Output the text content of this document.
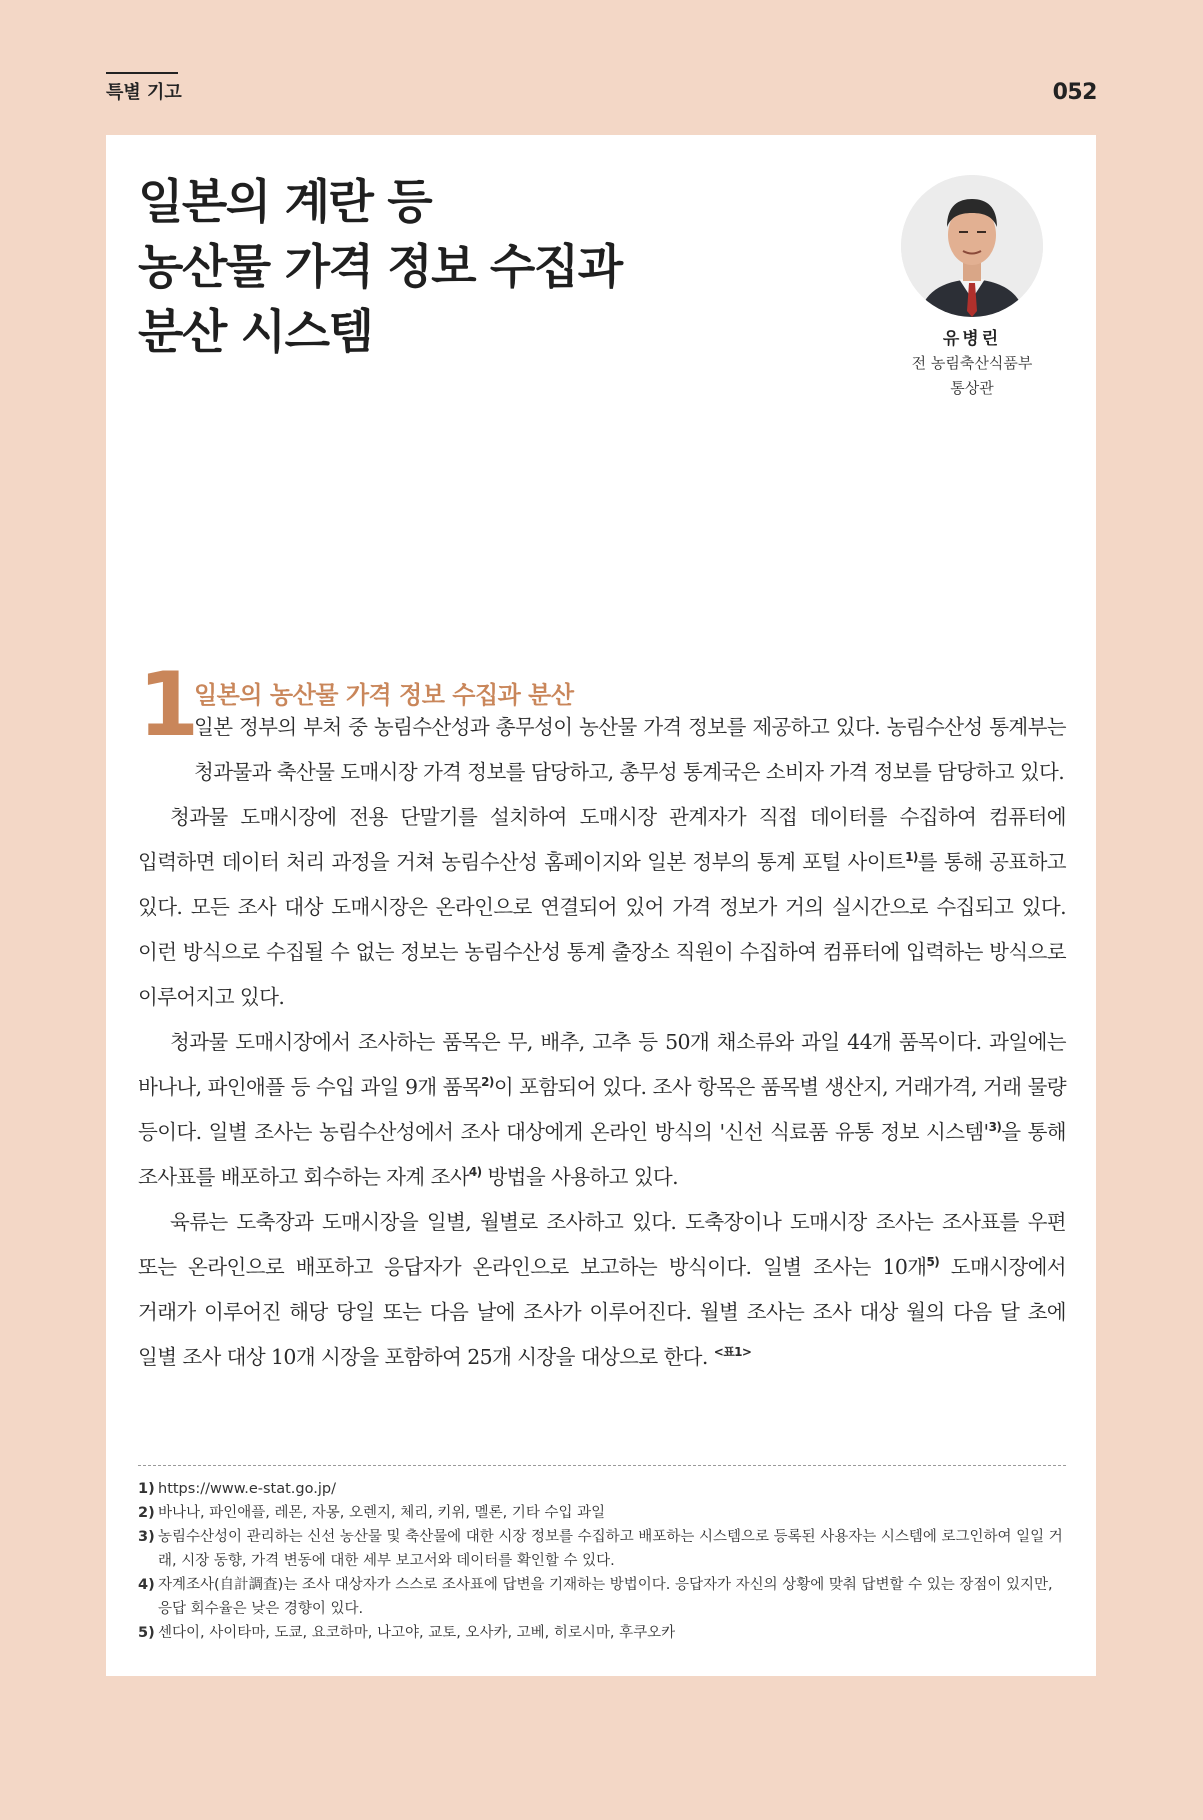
특별 기고	052
일본의 계란 등
농산물 가격 정보 수집과
분산 시스템	유병린
전 농림축산식품부
통상관
1
일본의 농산물 가격 정보 수집과 분산

일본 정부의 부처 중 농림수산성과 총무성이 농산물 가격 정보를 제공하고 있다. 농림수산성 통계부는 청과물과 축산물 도매시장 가격 정보를 담당하고, 총무성 통계국은 소비자 가격 정보를 담당하고 있다.

청과물 도매시장에 전용 단말기를 설치하여 도매시장 관계자가 직접 데이터를 수집하여 컴퓨터에 입력하면 데이터 처리 과정을 거쳐 농림수산성 홈페이지와 일본 정부의 통계 포털 사이트$^{1)}$를 통해 공표하고 있다. 모든 조사 대상 도매시장은 온라인으로 연결되어 있어 가격 정보가 거의 실시간으로 수집되고 있다. 이런 방식으로 수집될 수 없는 정보는 농림수산성 통계 출장소 직원이 수집하여 컴퓨터에 입력하는 방식으로 이루어지고 있다.

청과물 도매시장에서 조사하는 품목은 무, 배추, 고추 등 50개 채소류와 과일 44개 품목이다. 과일에는 바나나, 파인애플 등 수입 과일 9개 품목$^{2)}$이 포함되어 있다. 조사 항목은 품목별 생산지, 거래가격, 거래 물량 등이다. 일별 조사는 농림수산성에서 조사 대상에게 온라인 방식의 '신선 식료품 유통 정보 시스템'$^{3)}$을 통해 조사표를 배포하고 회수하는 자계 조사$^{4)}$ 방법을 사용하고 있다.

육류는 도축장과 도매시장을 일별, 월별로 조사하고 있다. 도축장이나 도매시장 조사는 조사표를 우편 또는 온라인으로 배포하고 응답자가 온라인으로 보고하는 방식이다. 일별 조사는 10개$^{5)}$ 도매시장에서 거래가 이루어진 해당 당일 또는 다음 날에 조사가 이루어진다. 월별 조사는 조사 대상 월의 다음 달 초에 일별 조사 대상 10개 시장을 포함하여 25개 시장을 대상으로 한다. $^{<표1>}$

1) https://www.e-stat.go.jp/
2) 바나나, 파인애플, 레몬, 자몽, 오렌지, 체리, 키위, 멜론, 기타 수입 과일
3) 농림수산성이 관리하는 신선 농산물 및 축산물에 대한 시장 정보를 수집하고 배포하는 시스템으로 등록된 사용자는 시스템에 로그인하여 일일 거래, 시장 동향, 가격 변동에 대한 세부 보고서와 데이터를 확인할 수 있다.
4) 자계조사(自計調査)는 조사 대상자가 스스로 조사표에 답변을 기재하는 방법이다. 응답자가 자신의 상황에 맞춰 답변할 수 있는 장점이 있지만, 응답 회수율은 낮은 경향이 있다.
5) 센다이, 사이타마, 도쿄, 요코하마, 나고야, 교토, 오사카, 고베, 히로시마, 후쿠오카
